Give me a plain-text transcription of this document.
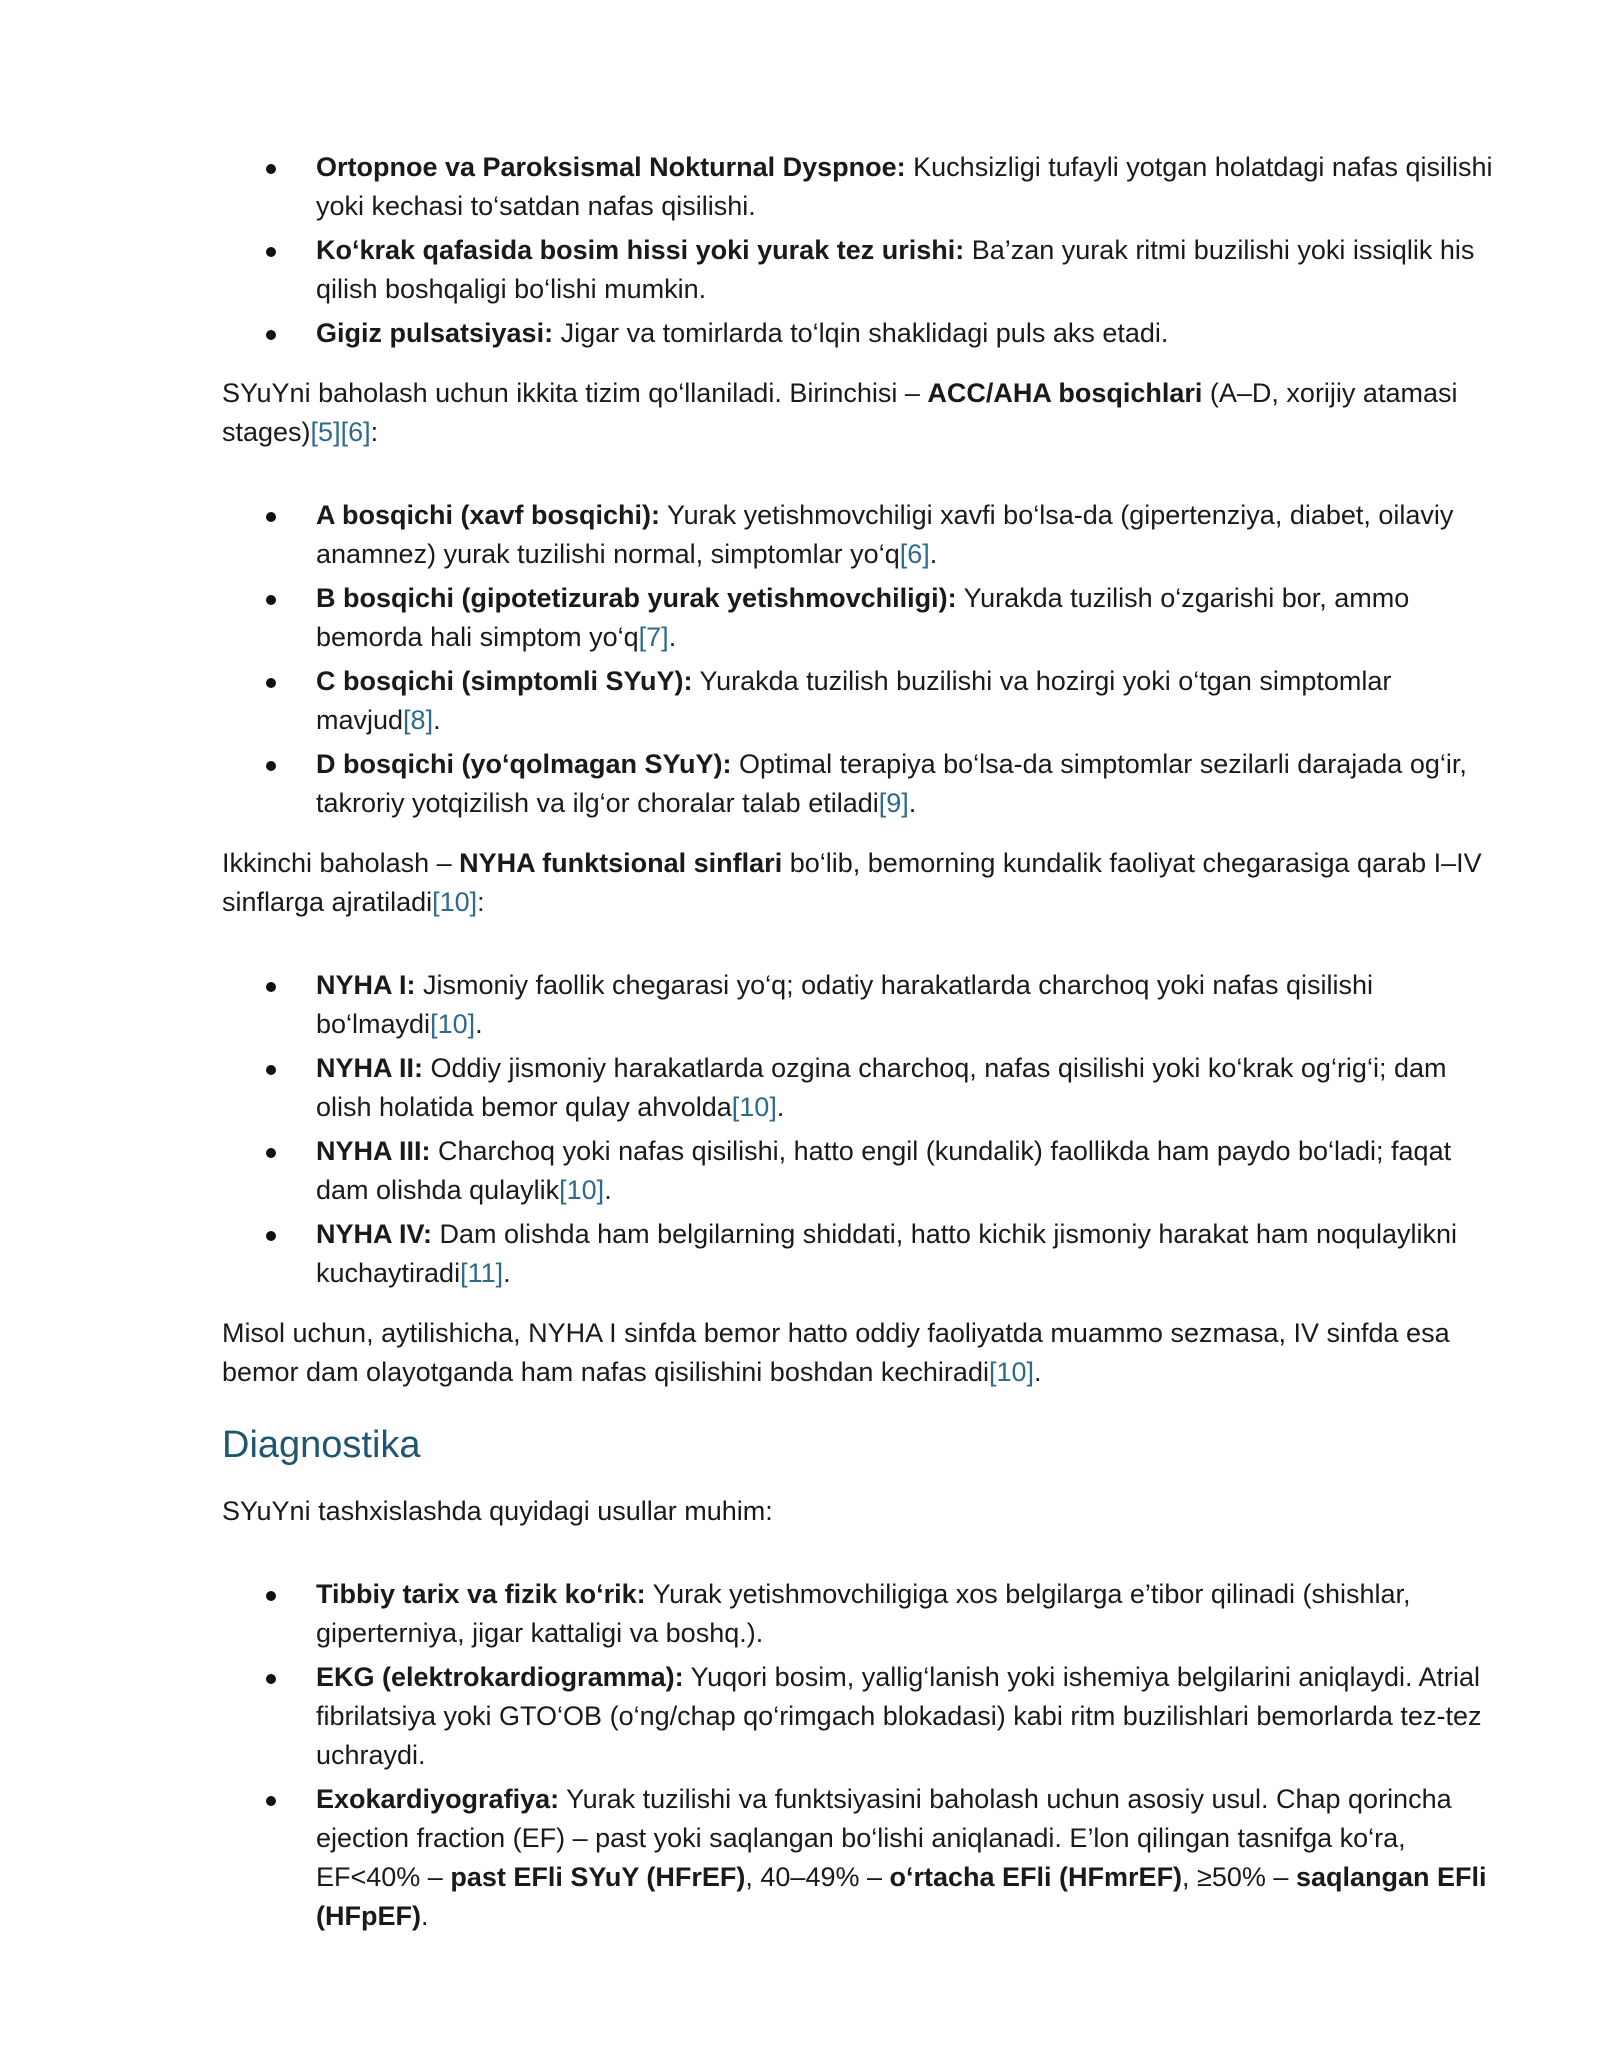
Ortopnoe va Paroksismal Nokturnal Dyspnoe: Kuchsizligi tufayli yotgan holatdagi nafas qisilishi yoki kechasi to‘satdan nafas qisilishi.
Ko‘krak qafasida bosim hissi yoki yurak tez urishi: Ba’zan yurak ritmi buzilishi yoki issiqlik his qilish boshqaligi bo‘lishi mumkin.
Gigiz pulsatsiyasi: Jigar va tomirlarda to‘lqin shaklidagi puls aks etadi.

SYuYni baholash uchun ikkita tizim qo‘llaniladi. Birinchisi – ACC/AHA bosqichlari (A–D, xorijiy atamasi stages)[5][6]:

A bosqichi (xavf bosqichi): Yurak yetishmovchiligi xavfi bo‘lsa-da (gipertenziya, diabet, oilaviy anamnez) yurak tuzilishi normal, simptomlar yo‘q[6].
B bosqichi (gipotetizurab yurak yetishmovchiligi): Yurakda tuzilish o‘zgarishi bor, ammo bemorda hali simptom yo‘q[7].
C bosqichi (simptomli SYuY): Yurakda tuzilish buzilishi va hozirgi yoki o‘tgan simptomlar mavjud[8].
D bosqichi (yo‘qolmagan SYuY): Optimal terapiya bo‘lsa-da simptomlar sezilarli darajada og‘ir, takroriy yotqizilish va ilg‘or choralar talab etiladi[9].

Ikkinchi baholash – NYHA funktsional sinflari bo‘lib, bemorning kundalik faoliyat chegarasiga qarab I–IV sinflarga ajratiladi[10]:

NYHA I: Jismoniy faollik chegarasi yo‘q; odatiy harakatlarda charchoq yoki nafas qisilishi bo‘lmaydi[10].
NYHA II: Oddiy jismoniy harakatlarda ozgina charchoq, nafas qisilishi yoki ko‘krak og‘rig‘i; dam olish holatida bemor qulay ahvolda[10].
NYHA III: Charchoq yoki nafas qisilishi, hatto engil (kundalik) faollikda ham paydo bo‘ladi; faqat dam olishda qulaylik[10].
NYHA IV: Dam olishda ham belgilarning shiddati, hatto kichik jismoniy harakat ham noqulaylikni kuchaytiradi[11].

Misol uchun, aytilishicha, NYHA I sinfda bemor hatto oddiy faoliyatda muammo sezmasa, IV sinfda esa bemor dam olayotganda ham nafas qisilishini boshdan kechiradi[10].

Diagnostika

SYuYni tashxislashda quyidagi usullar muhim:

Tibbiy tarix va fizik ko‘rik: Yurak yetishmovchiligiga xos belgilarga e’tibor qilinadi (shishlar, giperterniya, jigar kattaligi va boshq.).
EKG (elektrokardiogramma): Yuqori bosim, yallig‘lanish yoki ishemiya belgilarini aniqlaydi. Atrial fibrilatsiya yoki GTO‘OB (o‘ng/chap qo‘rimgach blokadasi) kabi ritm buzilishlari bemorlarda tez-tez uchraydi.
Exokardiyografiya: Yurak tuzilishi va funktsiyasini baholash uchun asosiy usul. Chap qorincha ejection fraction (EF) – past yoki saqlangan bo‘lishi aniqlanadi. E’lon qilingan tasnifga ko‘ra, EF<40% – past EFli SYuY (HFrEF), 40–49% – o‘rtacha EFli (HFmrEF), ≥50% – saqlangan EFli (HFpEF).
